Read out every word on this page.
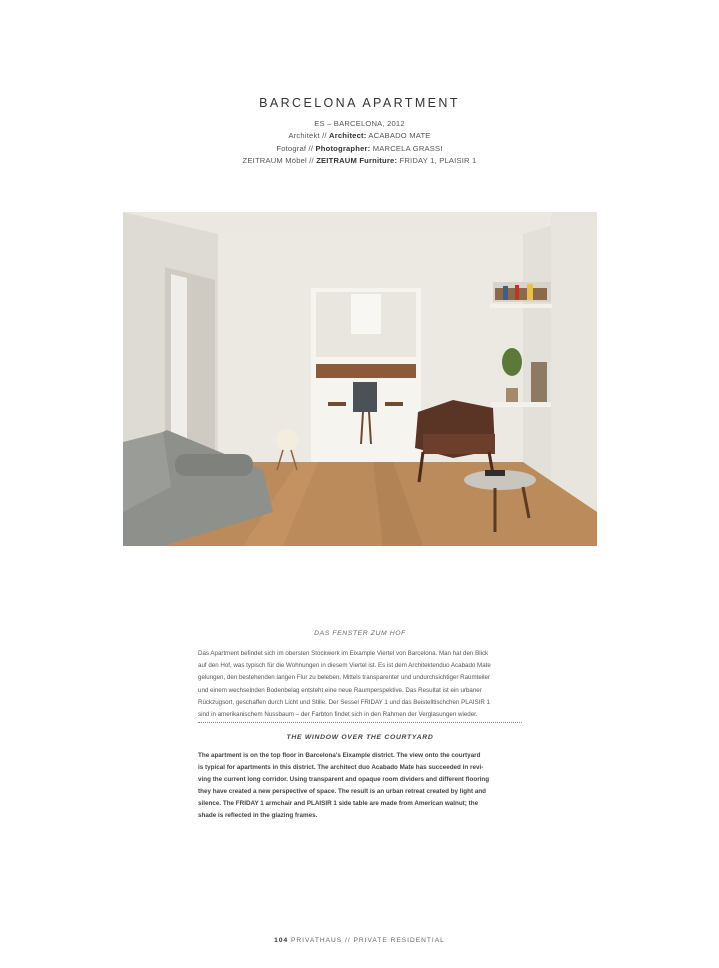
BARCELONA APARTMENT
ES – BARCELONA, 2012
Architekt // Architect: ACABADO MATE
Fotograf // Photographer: MARCELA GRASSI
ZEITRAUM Möbel // ZEITRAUM Furniture: FRIDAY 1, PLAISIR 1
DAS FENSTER ZUM HOF
Das Apartment befindet sich im obersten Stockwerk im Eixample Viertel von Barcelona. Man hat den Blick
auf den Hof, was typisch für die Wohnungen in diesem Viertel ist. Es ist dem Architektenduo Acabado Mate
gelungen, den bestehenden langen Flur zu beleben. Mittels transparenter und undurchsichtiger Raumteiler
und einem wechselnden Bodenbelag entsteht eine neue Raumperspektive. Das Resultat ist ein urbaner
Rückzugsort, geschaffen durch Licht und Stille. Der Sessel FRIDAY 1 und das Beistelltischchen PLAISIR 1
sind in amerikanischem Nussbaum – der Farbton findet sich in den Rahmen der Verglasungen wieder.
THE WINDOW OVER THE COURTYARD
The apartment is on the top floor in Barcelona's Eixample district. The view onto the courtyard
is typical for apartments in this district. The architect duo Acabado Mate has succeeded in revi-
ving the current long corridor. Using transparent and opaque room dividers and different flooring
they have created a new perspective of space. The result is an urban retreat created by light and
silence. The FRIDAY 1 armchair and PLAISIR 1 side table are made from American walnut; the
shade is reflected in the glazing frames.
104 PRIVATHAUS // PRIVATE RESIDENTIAL
